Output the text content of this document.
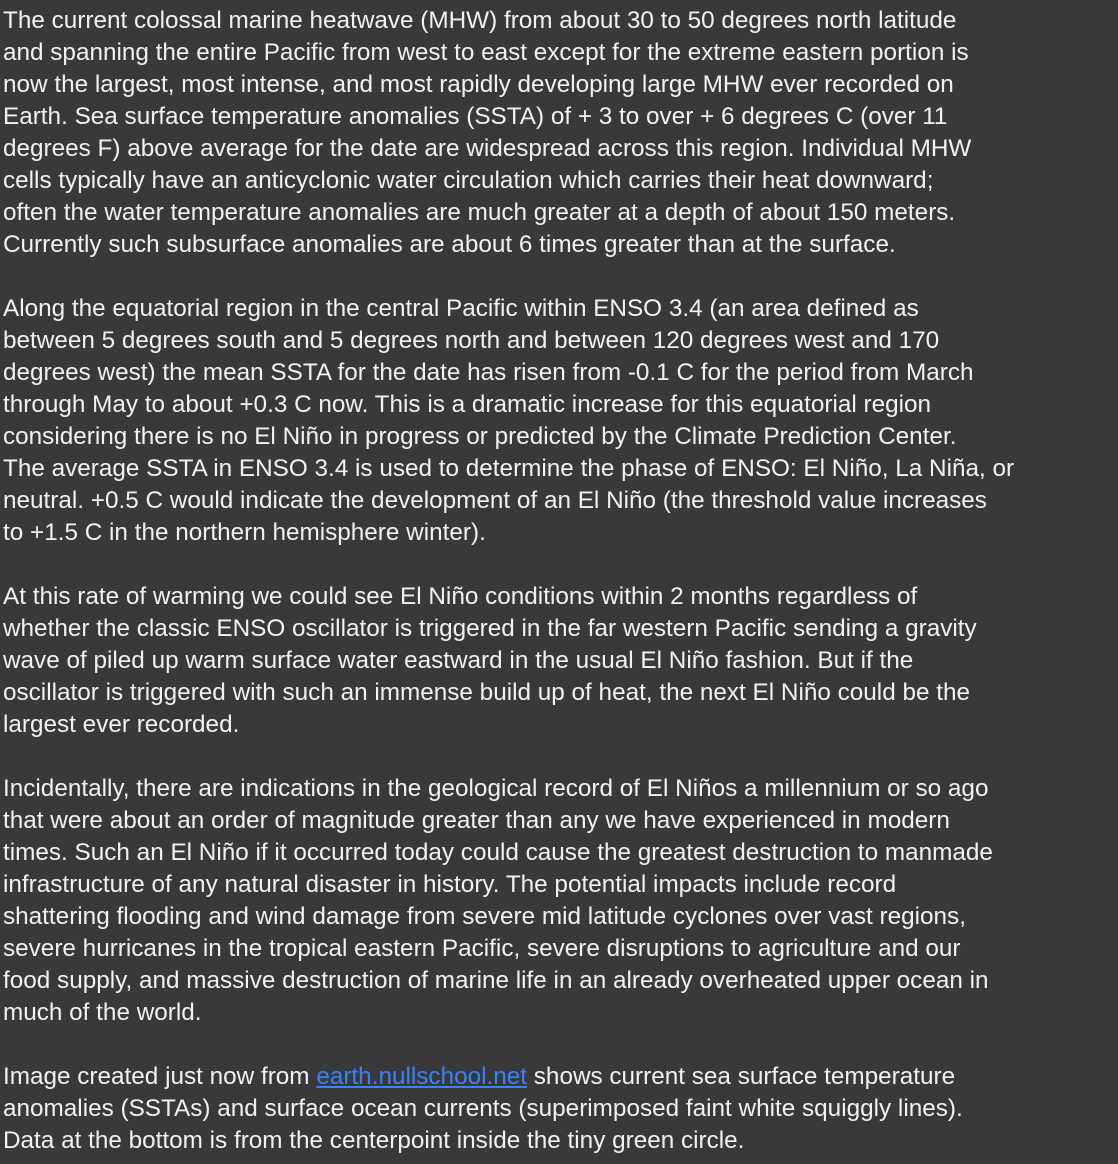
The current colossal marine heatwave (MHW) from about 30 to 50 degrees north latitude
and spanning the entire Pacific from west to east except for the extreme eastern portion is
now the largest, most intense, and most rapidly developing large MHW ever recorded on
Earth. Sea surface temperature anomalies (SSTA) of + 3 to over + 6 degrees C (over 11
degrees F) above average for the date are widespread across this region. Individual MHW
cells typically have an anticyclonic water circulation which carries their heat downward;
often the water temperature anomalies are much greater at a depth of about 150 meters.
Currently such subsurface anomalies are about 6 times greater than at the surface.
Along the equatorial region in the central Pacific within ENSO 3.4 (an area defined as
between 5 degrees south and 5 degrees north and between 120 degrees west and 170
degrees west) the mean SSTA for the date has risen from -0.1 C for the period from March
through May to about +0.3 C now. This is a dramatic increase for this equatorial region
considering there is no El Niño in progress or predicted by the Climate Prediction Center.
The average SSTA in ENSO 3.4 is used to determine the phase of ENSO: El Niño, La Niña, or
neutral. +0.5 C would indicate the development of an El Niño (the threshold value increases
to +1.5 C in the northern hemisphere winter).
At this rate of warming we could see El Niño conditions within 2 months regardless of
whether the classic ENSO oscillator is triggered in the far western Pacific sending a gravity
wave of piled up warm surface water eastward in the usual El Niño fashion. But if the
oscillator is triggered with such an immense build up of heat, the next El Niño could be the
largest ever recorded.
Incidentally, there are indications in the geological record of El Niños a millennium or so ago
that were about an order of magnitude greater than any we have experienced in modern
times. Such an El Niño if it occurred today could cause the greatest destruction to manmade
infrastructure of any natural disaster in history. The potential impacts include record
shattering flooding and wind damage from severe mid latitude cyclones over vast regions,
severe hurricanes in the tropical eastern Pacific, severe disruptions to agriculture and our
food supply, and massive destruction of marine life in an already overheated upper ocean in
much of the world.
Image created just now from earth.nullschool.net shows current sea surface temperature
anomalies (SSTAs) and surface ocean currents (superimposed faint white squiggly lines).
Data at the bottom is from the centerpoint inside the tiny green circle.
